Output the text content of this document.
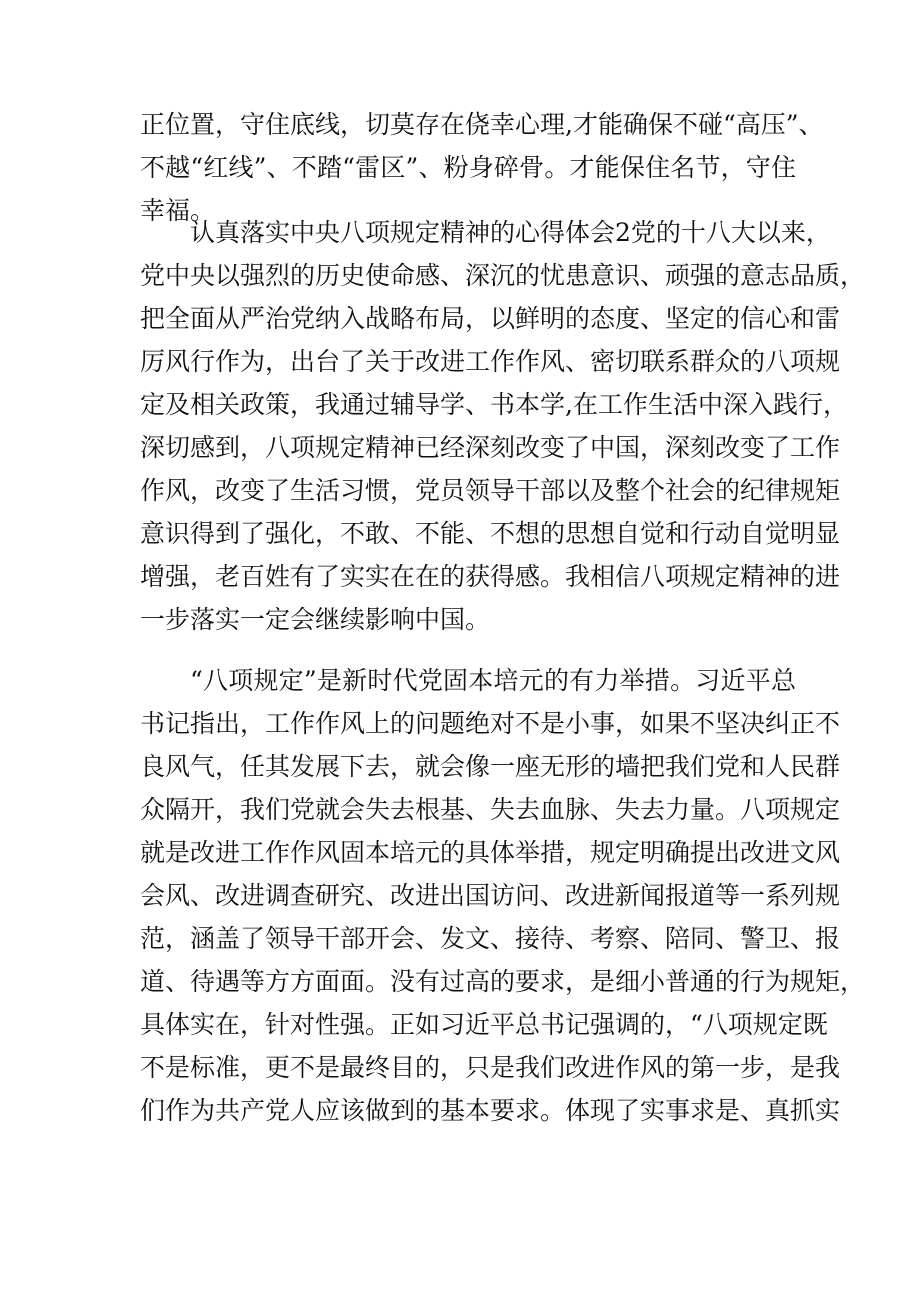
正位置，守住底线，切莫存在侥幸心理,才能确保不碰“高压”、
不越“红线”、不踏“雷区”、粉身碎骨。才能保住名节，守住
幸福。
认真落实中央八项规定精神的心得体会2党的十八大以来，
党中央以强烈的历史使命感、深沉的忧患意识、顽强的意志品质，
把全面从严治党纳入战略布局，以鲜明的态度、坚定的信心和雷
厉风行作为，出台了关于改进工作作风、密切联系群众的八项规
定及相关政策，我通过辅导学、书本学,在工作生活中深入践行，
深切感到，八项规定精神已经深刻改变了中国，深刻改变了工作
作风，改变了生活习惯，党员领导干部以及整个社会的纪律规矩
意识得到了强化，不敢、不能、不想的思想自觉和行动自觉明显
增强，老百姓有了实实在在的获得感。我相信八项规定精神的进
一步落实一定会继续影响中国。
“八项规定”是新时代党固本培元的有力举措。习近平总
书记指出，工作作风上的问题绝对不是小事，如果不坚决纠正不
良风气，任其发展下去，就会像一座无形的墙把我们党和人民群
众隔开，我们党就会失去根基、失去血脉、失去力量。八项规定
就是改进工作作风固本培元的具体举措，规定明确提出改进文风
会风、改进调查研究、改进出国访问、改进新闻报道等一系列规
范，涵盖了领导干部开会、发文、接待、考察、陪同、警卫、报
道、待遇等方方面面。没有过高的要求，是细小普通的行为规矩，
具体实在，针对性强。正如习近平总书记强调的，“八项规定既
不是标准，更不是最终目的，只是我们改进作风的第一步，是我
们作为共产党人应该做到的基本要求。体现了实事求是、真抓实
